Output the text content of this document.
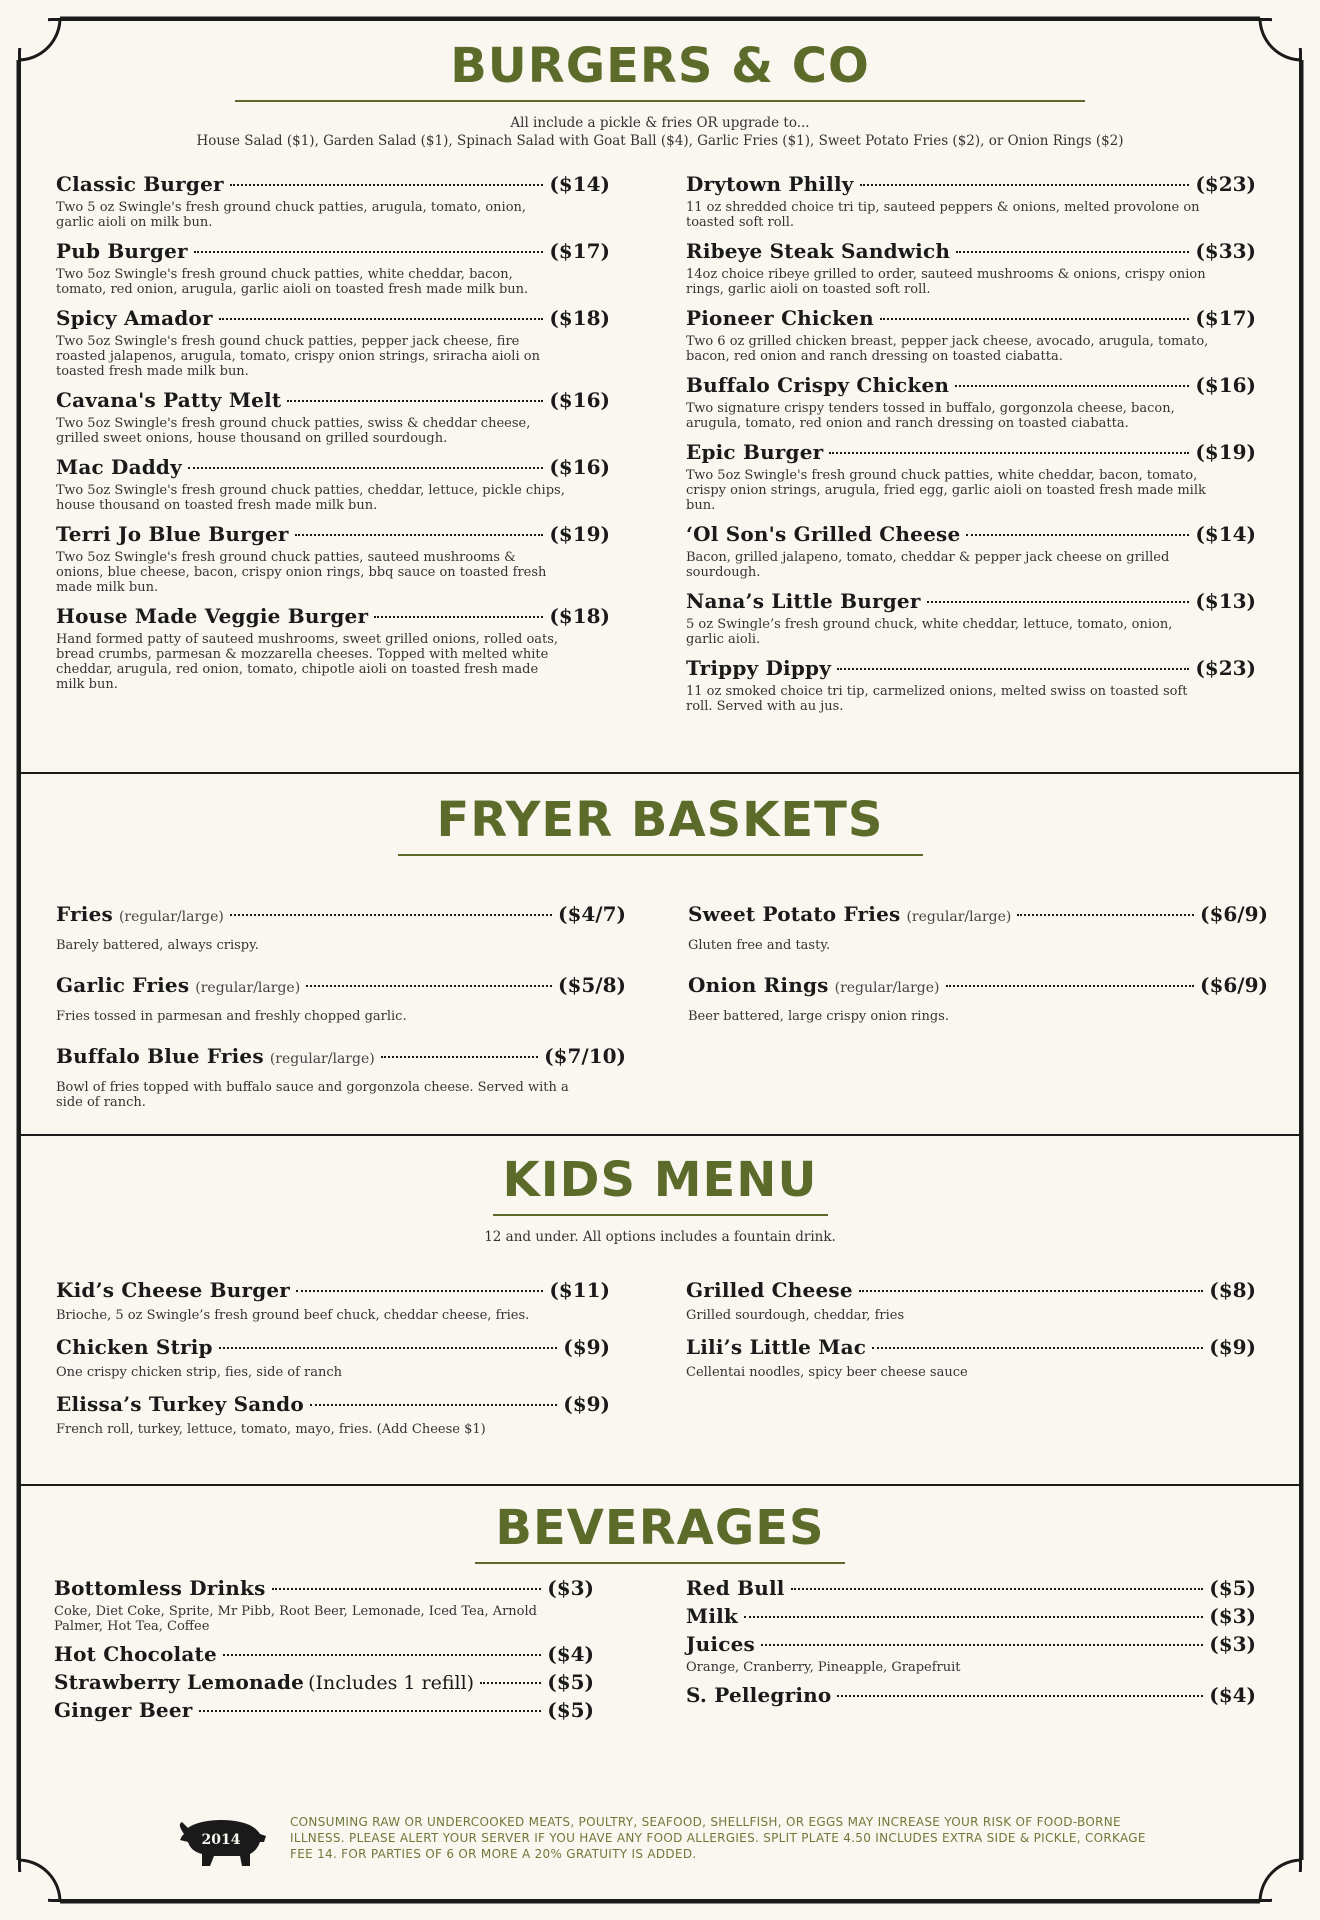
BURGERS & CO
All include a pickle & fries OR upgrade to...
House Salad ($1), Garden Salad ($1), Spinach Salad with Goat Ball ($4), Garlic Fries ($1), Sweet Potato Fries ($2), or Onion Rings ($2)
Classic Burger	($14)
Two 5 oz Swingle's fresh ground chuck patties, arugula, tomato, onion, garlic aioli on milk bun.
Pub Burger	($17)
Two 5oz Swingle's fresh ground chuck patties, white cheddar, bacon, tomato, red onion, arugula, garlic aioli on toasted fresh made milk bun.
Spicy Amador	($18)
Two 5oz Swingle's fresh gound chuck patties, pepper jack cheese, fire roasted jalapenos, arugula, tomato, crispy onion strings, sriracha aioli on toasted fresh made milk bun.
Cavana's Patty Melt	($16)
Two 5oz Swingle's fresh ground chuck patties, swiss & cheddar cheese, grilled sweet onions, house thousand on grilled sourdough.
Mac Daddy	($16)
Two 5oz Swingle's fresh ground chuck patties, cheddar, lettuce, pickle chips, house thousand on toasted fresh made milk bun.
Terri Jo Blue Burger	($19)
Two 5oz Swingle's fresh ground chuck patties, sauteed mushrooms & onions, blue cheese, bacon, crispy onion rings, bbq sauce on toasted fresh made milk bun.
House Made Veggie Burger	($18)
Hand formed patty of sauteed mushrooms, sweet grilled onions, rolled oats, bread crumbs, parmesan & mozzarella cheeses. Topped with melted white cheddar, arugula, red onion, tomato, chipotle aioli on toasted fresh made milk bun.
Drytown Philly	($23)
11 oz shredded choice tri tip, sauteed peppers & onions, melted provolone on toasted soft roll.
Ribeye Steak Sandwich	($33)
14oz choice ribeye grilled to order, sauteed mushrooms & onions, crispy onion rings, garlic aioli on toasted soft roll.
Pioneer Chicken	($17)
Two 6 oz grilled chicken breast, pepper jack cheese, avocado, arugula, tomato, bacon, red onion and ranch dressing on toasted ciabatta.
Buffalo Crispy Chicken	($16)
Two signature crispy tenders tossed in buffalo, gorgonzola cheese, bacon, arugula, tomato, red onion and ranch dressing on toasted ciabatta.
Epic Burger	($19)
Two 5oz Swingle's fresh ground chuck patties, white cheddar, bacon, tomato, crispy onion strings, arugula, fried egg, garlic aioli on toasted fresh made milk bun.
‘Ol Son's Grilled Cheese	($14)
Bacon, grilled jalapeno, tomato, cheddar & pepper jack cheese on grilled sourdough.
Nana’s Little Burger	($13)
5 oz Swingle’s fresh ground chuck, white cheddar, lettuce, tomato, onion, garlic aioli.
Trippy Dippy	($23)
11 oz smoked choice tri tip, carmelized onions, melted swiss on toasted soft roll. Served with au jus.
FRYER BASKETS
Fries (regular/large)	($4/7)
Barely battered, always crispy.
Garlic Fries (regular/large)	($5/8)
Fries tossed in parmesan and freshly chopped garlic.
Buffalo Blue Fries (regular/large)	($7/10)
Bowl of fries topped with buffalo sauce and gorgonzola cheese. Served with a side of ranch.
Sweet Potato Fries (regular/large)	($6/9)
Gluten free and tasty.
Onion Rings (regular/large)	($6/9)
Beer battered, large crispy onion rings.
KIDS MENU
12 and under. All options includes a fountain drink.
Kid’s Cheese Burger	($11)
Brioche, 5 oz Swingle’s fresh ground beef chuck, cheddar cheese, fries.
Chicken Strip	($9)
One crispy chicken strip, fies, side of ranch
Elissa’s Turkey Sando	($9)
French roll, turkey, lettuce, tomato, mayo, fries. (Add Cheese $1)
Grilled Cheese	($8)
Grilled sourdough, cheddar, fries
Lili’s Little Mac	($9)
Cellentai noodles, spicy beer cheese sauce
BEVERAGES
Bottomless Drinks	($3)
Coke, Diet Coke, Sprite, Mr Pibb, Root Beer, Lemonade, Iced Tea, Arnold Palmer, Hot Tea, Coffee
Hot Chocolate	($4)
Strawberry Lemonade (Includes 1 refill)	($5)
Ginger Beer	($5)
Red Bull	($5)
Milk	($3)
Juices	($3)
Orange, Cranberry, Pineapple, Grapefruit
S. Pellegrino	($4)
2014
CONSUMING RAW OR UNDERCOOKED MEATS, POULTRY, SEAFOOD, SHELLFISH, OR EGGS MAY INCREASE YOUR RISK OF FOOD-BORNE ILLNESS. PLEASE ALERT YOUR SERVER IF YOU HAVE ANY FOOD ALLERGIES. SPLIT PLATE 4.50 INCLUDES EXTRA SIDE & PICKLE, CORKAGE FEE 14. FOR PARTIES OF 6 OR MORE A 20% GRATUITY IS ADDED.
